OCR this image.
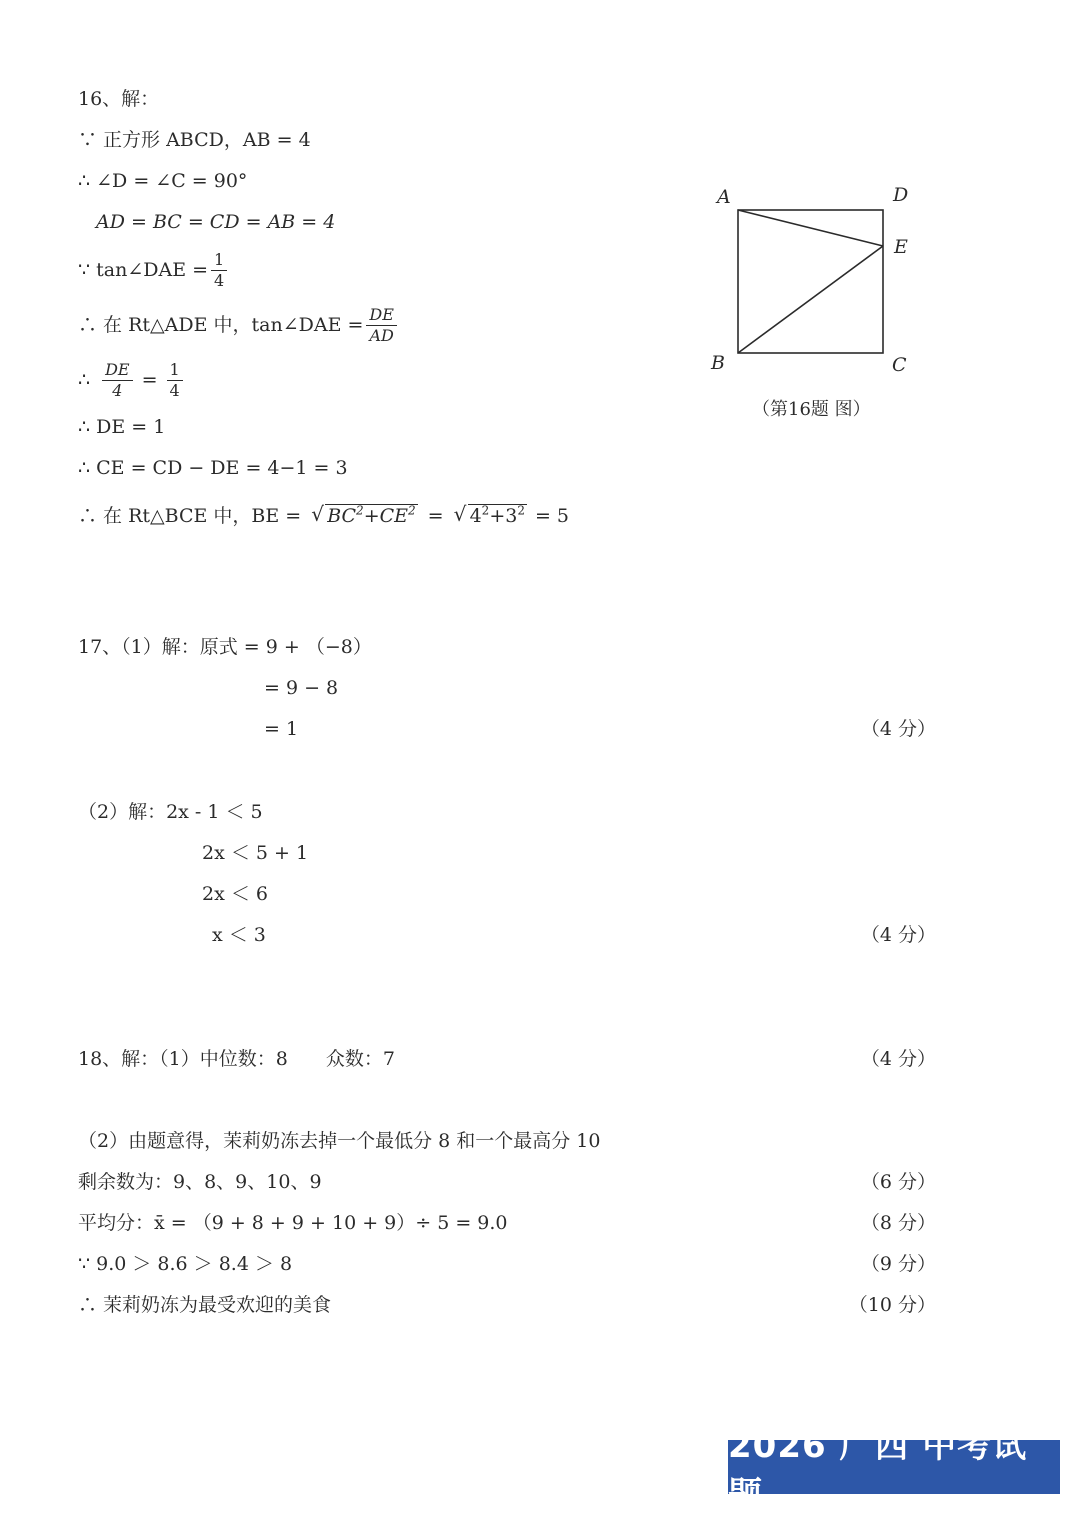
16、解：
∵ 正方形 ABCD，AB = 4
∴ ∠D = ∠C = 90°
AD = BC = CD = AB = 4
∵ tan∠DAE = $\frac{1}{4}$
∴ 在 Rt△ADE 中，tan∠DAE = $\frac{DE}{AD}$
∴ $\frac{DE}{4} = \frac{1}{4}$
∴ DE = 1
∴ CE = CD − DE = 4−1 = 3
∴ 在 Rt△BCE 中，BE = √ $BC^2+CE^2$ = √ $4^2+3^2 = 5$
A	D
E
B	C
（第16题 图）
17、（1）解：原式 = 9 + （−8）
= 9 − 8
= 1	（4 分）
（2）解：2x - 1 ＜ 5
2x ＜ 5 + 1
2x ＜ 6
x ＜ 3	（4 分）
18、解：（1）中位数：8　　众数：7	（4 分）
（2）由题意得，茉莉奶冻去掉一个最低分 8 和一个最高分 10
剩余数为：9、8、9、10、9	（6 分）
平均分：x̄ = （9 + 8 + 9 + 10 + 9）÷ 5 = 9.0	（8 分）
∵ 9.0 ＞ 8.6 ＞ 8.4 ＞ 8	（9 分）
∴ 茉莉奶冻为最受欢迎的美食	（10 分）
2026 广西 中考试题
